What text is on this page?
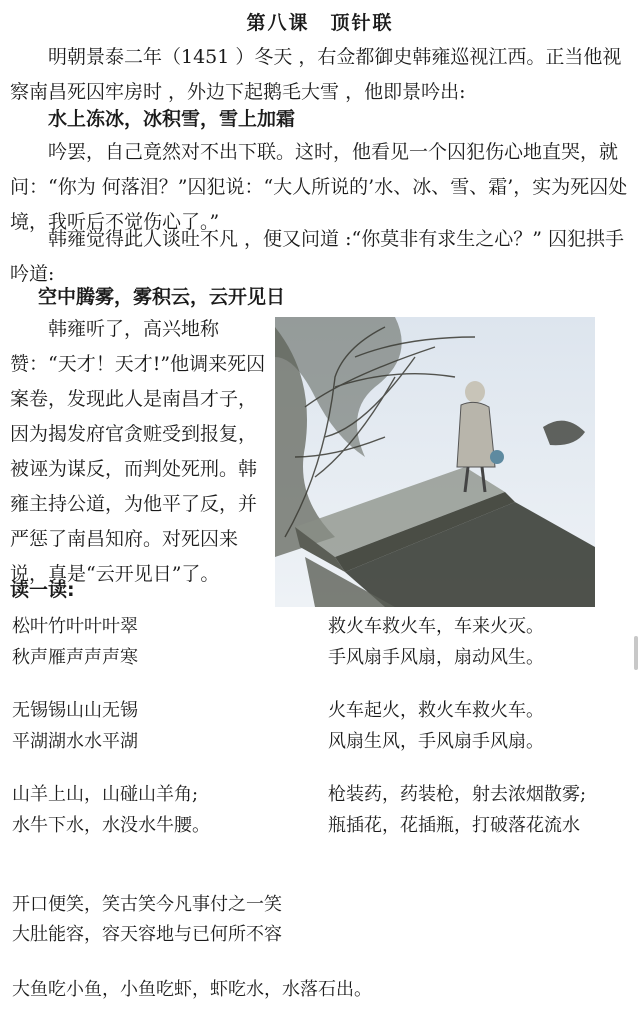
第八课　顶针联

　　明朝景泰二年（1451 ）冬天 ，右佥都御史韩雍巡视江西。正当他视察南昌死囚牢房时 ，外边下起鹅毛大雪 ，他即景吟出:

水上冻冰，冰积雪，雪上加霜

　　吟罢，自己竟然对不出下联。这时，他看见一个囚犯伤心地直哭，就问：“你为 何落泪？”囚犯说：“大人所说的’水、冰、雪、霜’，实为死囚处境，我听后不觉伤心了。”

　　韩雍觉得此人谈吐不凡 ，便又问道 :“你莫非有求生之心？” 囚犯拱手吟道:

空中腾雾，雾积云，云开见日

　　韩雍听了，高兴地称赞：“天才！天才!”他调来死囚案卷，发现此人是南昌才子，因为揭发府官贪赃受到报复，被诬为谋反，而判处死刑。韩雍主持公道，为他平了反，并严惩了南昌知府。对死囚来说，真是“云开见日”了。

读一读:
松叶竹叶叶叶翠
秋声雁声声声寒
无锡锡山山无锡
平湖湖水水平湖
山羊上山，山碰山羊角;
水牛下水，水没水牛腰。
救火车救火车，车来火灭。
手风扇手风扇，扇动风生。
火车起火，救火车救火车。
风扇生风，手风扇手风扇。
枪装药，药装枪，射去浓烟散雾;
瓶插花，花插瓶，打破落花流水
开口便笑，笑古笑今凡事付之一笑
大肚能容，容天容地与已何所不容
大鱼吃小鱼，小鱼吃虾，虾吃水，水落石出。
